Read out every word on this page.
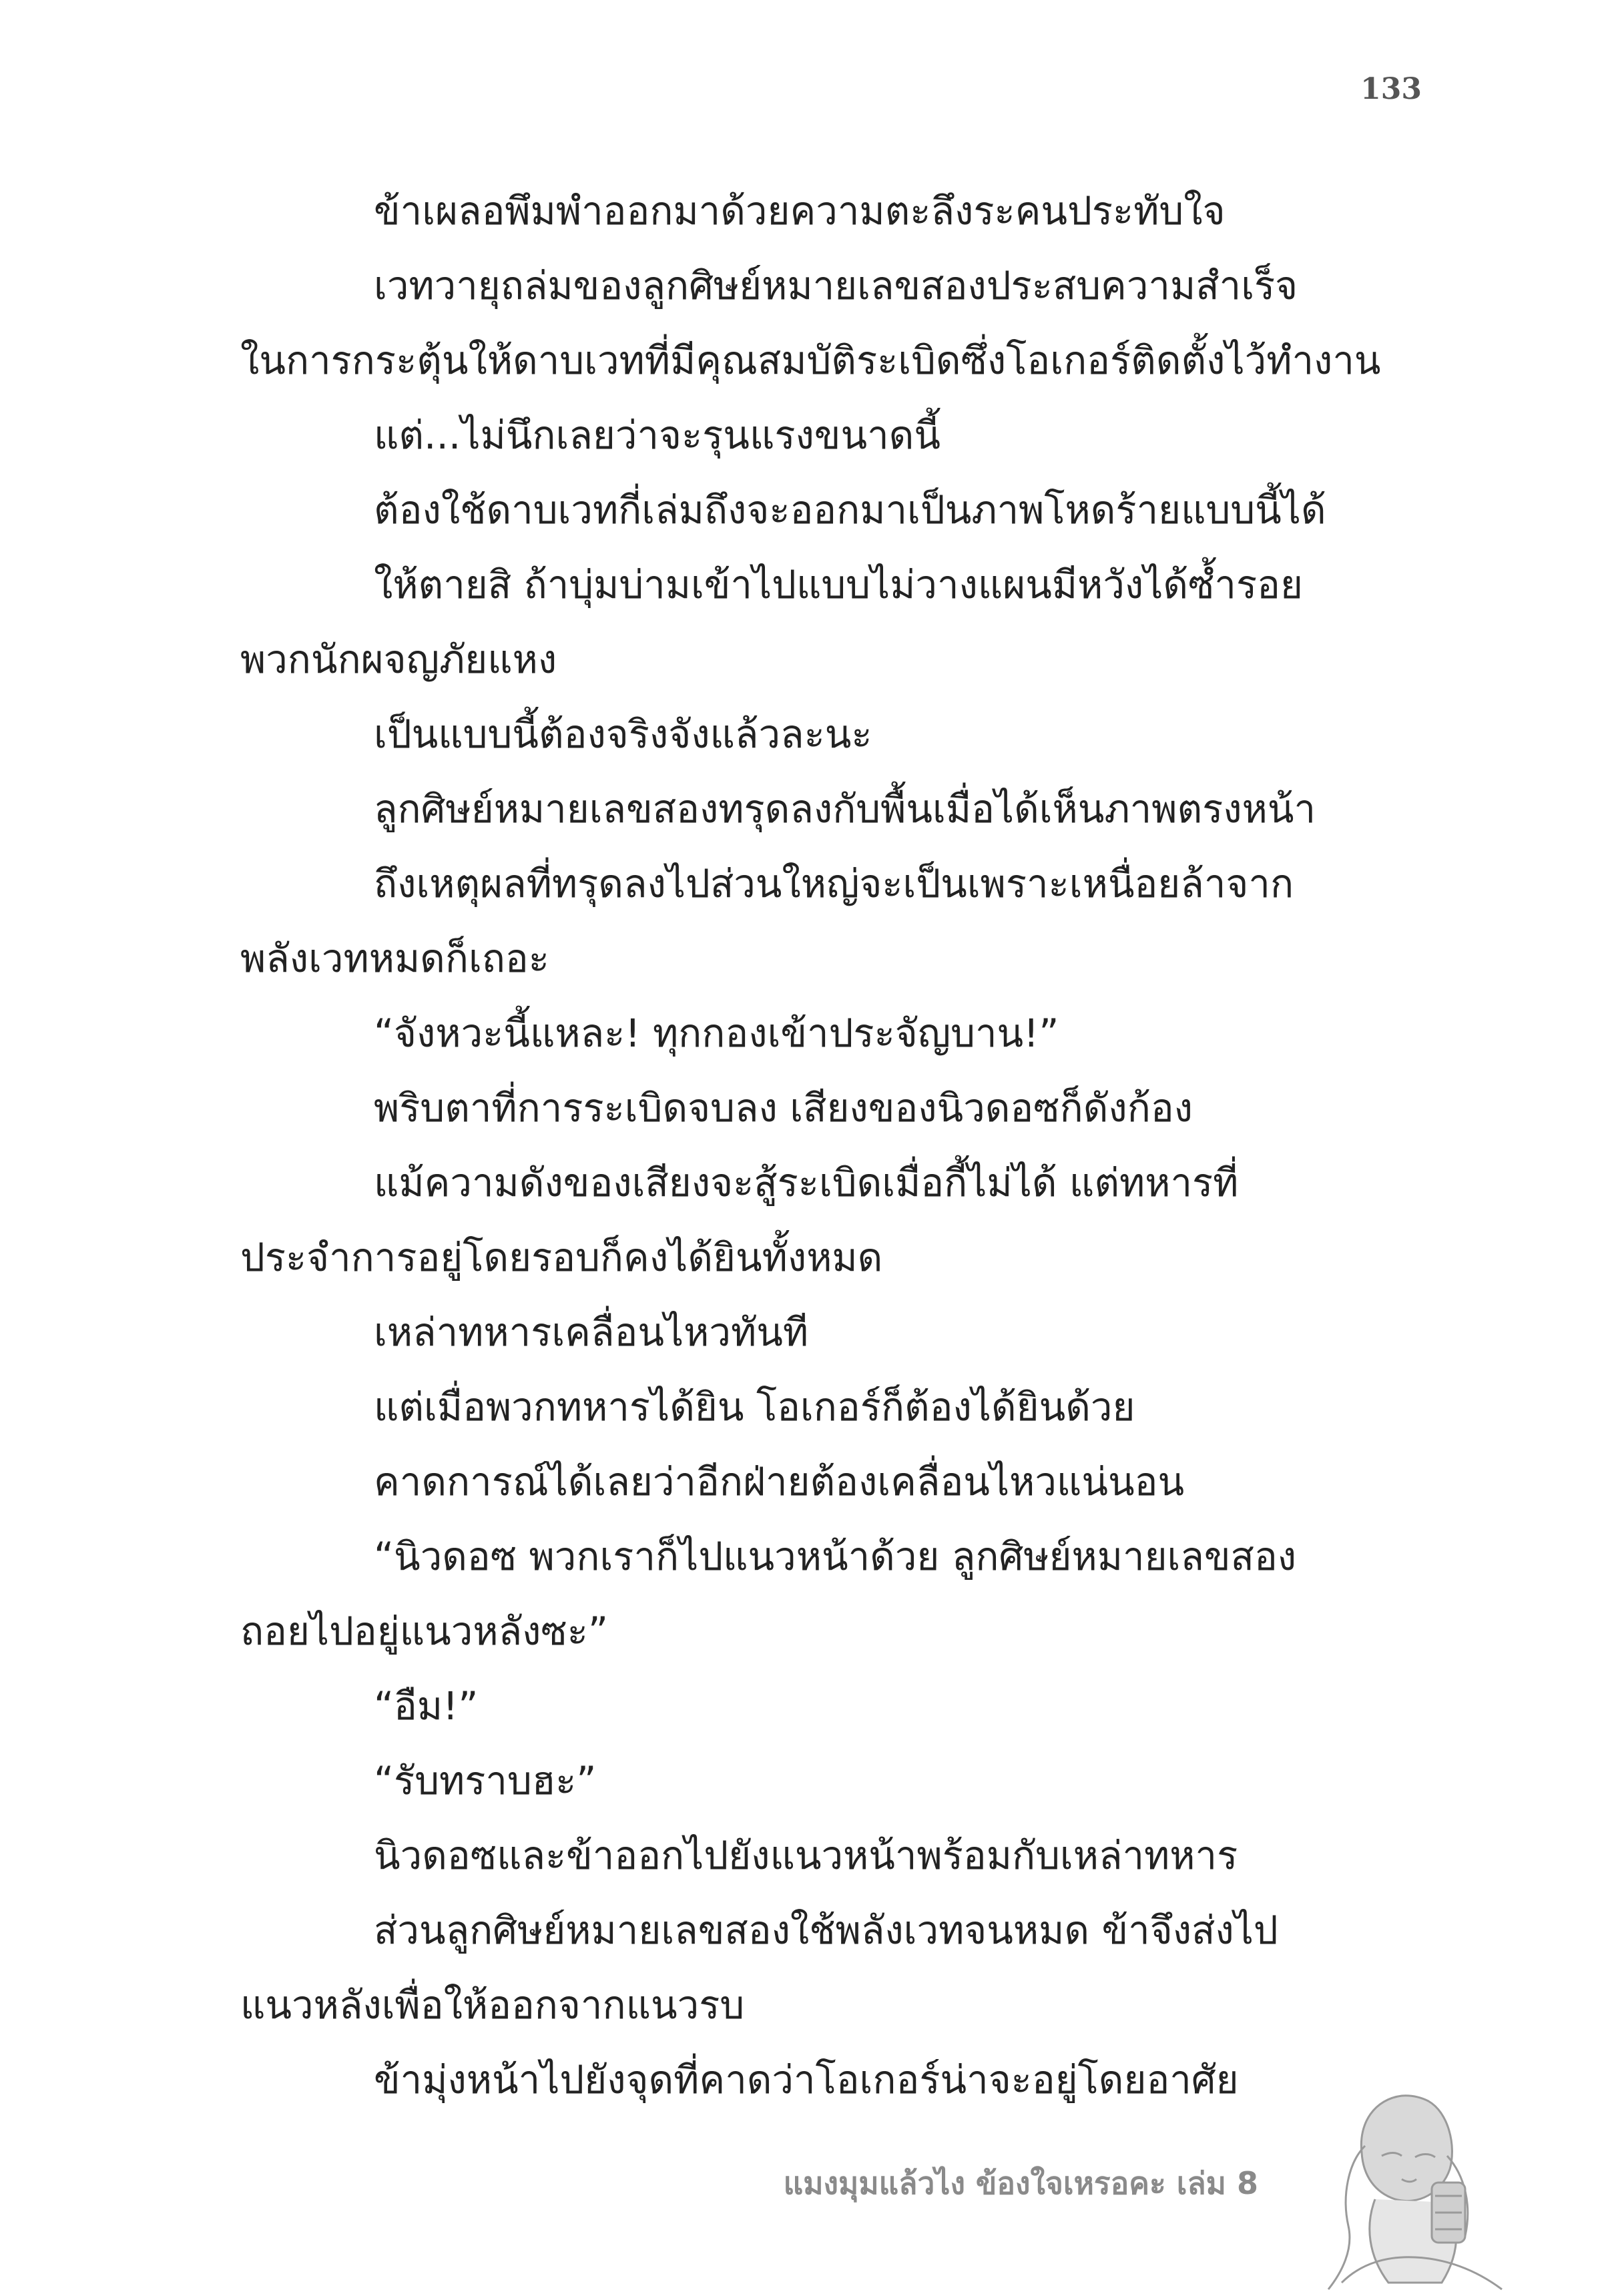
133
ข้าเผลอพึมพำออกมาด้วยความตะลึงระคนประทับใจ
เวทวายุถล่มของลูกศิษย์หมายเลขสองประสบความสำเร็จ
ในการกระตุ้นให้ดาบเวทที่มีคุณสมบัติระเบิดซึ่งโอเกอร์ติดตั้งไว้ทำงาน
แต่...ไม่นึกเลยว่าจะรุนแรงขนาดนี้
ต้องใช้ดาบเวทกี่เล่มถึงจะออกมาเป็นภาพโหดร้ายแบบนี้ได้
ให้ตายสิ ถ้าบุ่มบ่ามเข้าไปแบบไม่วางแผนมีหวังได้ซ้ำรอย
พวกนักผจญภัยแหง
เป็นแบบนี้ต้องจริงจังแล้วละนะ
ลูกศิษย์หมายเลขสองทรุดลงกับพื้นเมื่อได้เห็นภาพตรงหน้า
ถึงเหตุผลที่ทรุดลงไปส่วนใหญ่จะเป็นเพราะเหนื่อยล้าจาก
พลังเวทหมดก็เถอะ
“จังหวะนี้แหละ! ทุกกองเข้าประจัญบาน!”
พริบตาที่การระเบิดจบลง เสียงของนิวดอซก็ดังก้อง
แม้ความดังของเสียงจะสู้ระเบิดเมื่อกี้ไม่ได้ แต่ทหารที่
ประจำการอยู่โดยรอบก็คงได้ยินทั้งหมด
เหล่าทหารเคลื่อนไหวทันที
แต่เมื่อพวกทหารได้ยิน โอเกอร์ก็ต้องได้ยินด้วย
คาดการณ์ได้เลยว่าอีกฝ่ายต้องเคลื่อนไหวแน่นอน
“นิวดอซ พวกเราก็ไปแนวหน้าด้วย ลูกศิษย์หมายเลขสอง
ถอยไปอยู่แนวหลังซะ”
“อืม!”
“รับทราบฮะ”
นิวดอซและข้าออกไปยังแนวหน้าพร้อมกับเหล่าทหาร
ส่วนลูกศิษย์หมายเลขสองใช้พลังเวทจนหมด ข้าจึงส่งไป
แนวหลังเพื่อให้ออกจากแนวรบ
ข้ามุ่งหน้าไปยังจุดที่คาดว่าโอเกอร์น่าจะอยู่โดยอาศัย
แมงมุมแล้วไง ข้องใจเหรอคะ เล่ม 8
